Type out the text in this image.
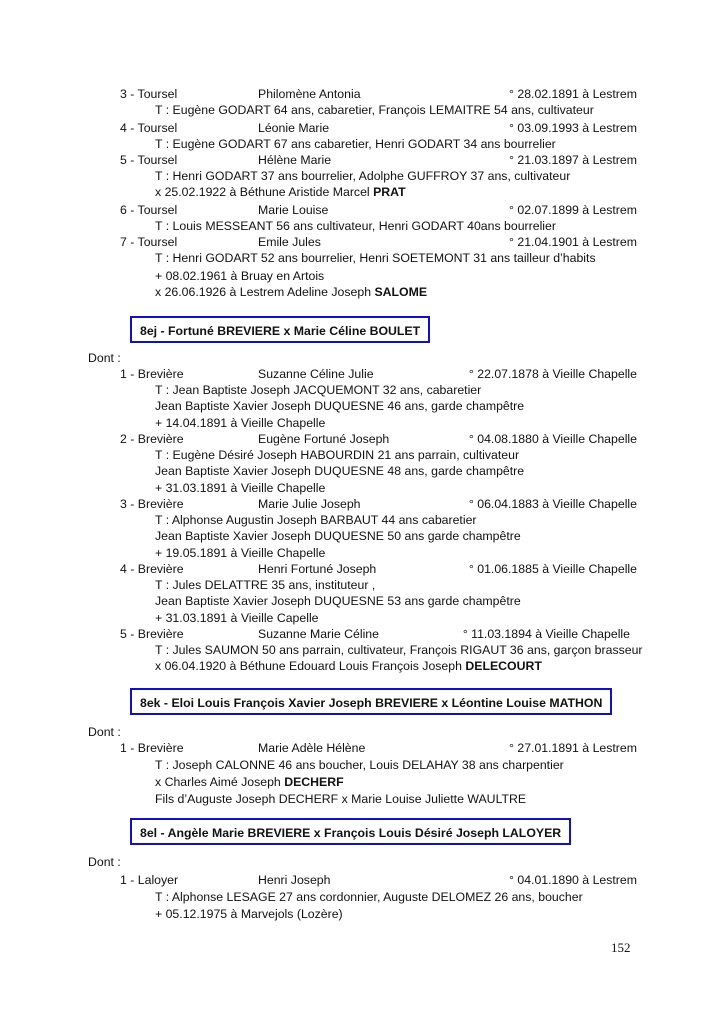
3 - Toursel	Philomène Antonia	° 28.02.1891 à Lestrem
T : Eugène GODART 64 ans, cabaretier, François LEMAITRE 54 ans, cultivateur
4 - Toursel	Léonie Marie	° 03.09.1993 à Lestrem
T : Eugène GODART 67 ans cabaretier, Henri GODART 34 ans bourrelier
5 - Toursel	Hélène Marie	° 21.03.1897 à Lestrem
T : Henri GODART 37 ans bourrelier, Adolphe GUFFROY 37 ans, cultivateur
x 25.02.1922 à Béthune Aristide Marcel PRAT
6 - Toursel	Marie Louise	° 02.07.1899 à Lestrem
T : Louis MESSEANT 56 ans cultivateur, Henri GODART 40ans bourrelier
7 - Toursel	Emile Jules	° 21.04.1901 à Lestrem
T : Henri GODART 52 ans bourrelier, Henri SOETEMONT 31 ans tailleur d’habits
+ 08.02.1961 à Bruay en Artois
x 26.06.1926 à Lestrem Adeline Joseph SALOME
8ej - Fortuné BREVIERE x Marie Céline BOULET
Dont :
1 - Brevière	Suzanne Céline Julie	° 22.07.1878 à Vieille Chapelle
T : Jean Baptiste Joseph JACQUEMONT 32 ans, cabaretier
Jean Baptiste Xavier Joseph DUQUESNE 46 ans, garde champêtre
+ 14.04.1891 à Vieille Chapelle
2 - Brevière	Eugène Fortuné Joseph	° 04.08.1880 à Vieille Chapelle
T : Eugène Désiré Joseph HABOURDIN 21 ans parrain, cultivateur
Jean Baptiste Xavier Joseph DUQUESNE 48 ans, garde champêtre
+ 31.03.1891 à Vieille Chapelle
3 - Brevière	Marie Julie Joseph	° 06.04.1883 à Vieille Chapelle
T : Alphonse Augustin Joseph BARBAUT 44 ans cabaretier
Jean Baptiste Xavier Joseph DUQUESNE 50 ans garde champêtre
+ 19.05.1891 à Vieille Chapelle
4 - Brevière	Henri Fortuné Joseph	° 01.06.1885 à Vieille Chapelle
T : Jules DELATTRE 35 ans, instituteur ,
Jean Baptiste Xavier Joseph DUQUESNE 53 ans garde champêtre
+ 31.03.1891 à Vieille Capelle
5 - Brevière	Suzanne Marie Céline	° 11.03.1894 à Vieille Chapelle
T : Jules SAUMON 50 ans parrain, cultivateur, François RIGAUT 36 ans, garçon brasseur
x 06.04.1920 à Béthune Edouard Louis François Joseph DELECOURT
8ek - Eloi Louis François Xavier Joseph BREVIERE x Léontine Louise MATHON
Dont :
1 - Brevière	Marie Adèle Hélène	° 27.01.1891 à Lestrem
T : Joseph CALONNE 46 ans boucher, Louis DELAHAY 38 ans charpentier
x Charles Aimé Joseph DECHERF
Fils d’Auguste Joseph DECHERF x Marie Louise Juliette WAULTRE
8el - Angèle Marie BREVIERE x François Louis Désiré Joseph LALOYER
Dont :
1 - Laloyer	Henri Joseph	° 04.01.1890 à Lestrem
T : Alphonse LESAGE 27 ans cordonnier, Auguste DELOMEZ 26 ans, boucher
+ 05.12.1975 à Marvejols (Lozère)
152
